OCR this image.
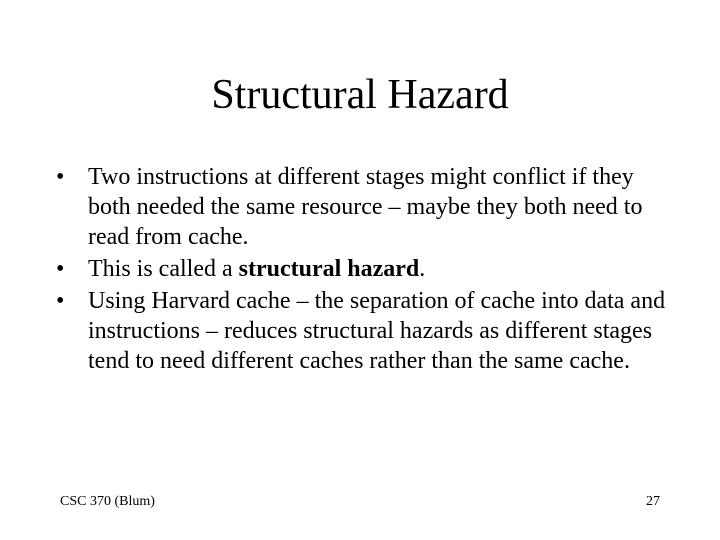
Structural Hazard
• Two instructions at different stages might conflict if they both needed the same resource – maybe they both need to read from cache.
• This is called a structural hazard.
• Using Harvard cache – the separation of cache into data and instructions – reduces structural hazards as different stages tend to need different caches rather than the same cache.
CSC 370 (Blum)	27
